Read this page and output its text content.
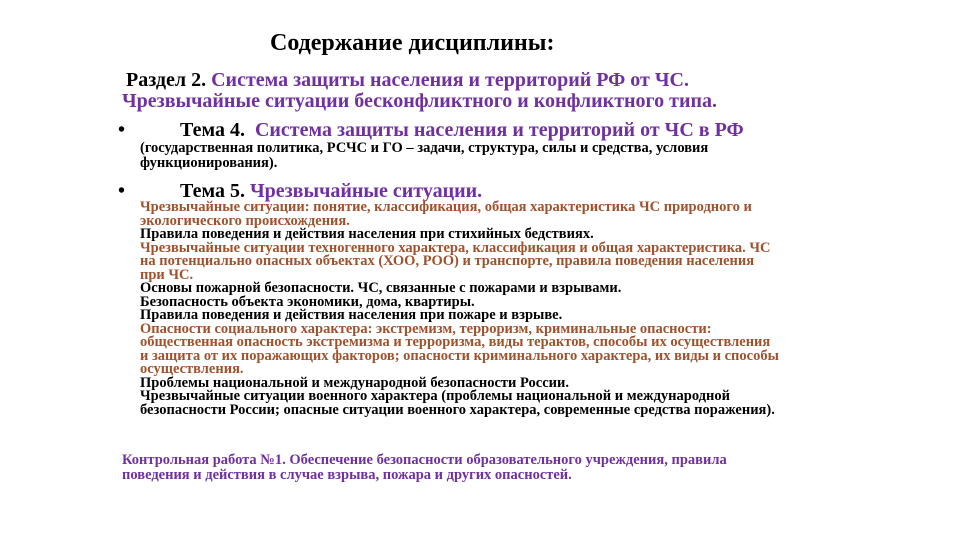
Содержание дисциплины:
Раздел 2. Система защиты населения и территорий РФ от ЧС.
Чрезвычайные ситуации бесконфликтного и конфликтного типа.
•	Тема 4. Система защиты населения и территорий от ЧС в РФ
(государственная политика, РСЧС и ГО – задачи, структура, силы и средства, условия
функционирования).
•	Тема 5. Чрезвычайные ситуации.
Чрезвычайные ситуации: понятие, классификация, общая характеристика ЧС природного и
экологического происхождения.
Правила поведения и действия населения при стихийных бедствиях.
Чрезвычайные ситуации техногенного характера, классификация и общая характеристика. ЧС
на потенциально опасных объектах (ХОО, РОО) и транспорте, правила поведения населения
при ЧС.
Основы пожарной безопасности. ЧС, связанные с пожарами и взрывами.
Безопасность объекта экономики, дома, квартиры.
Правила поведения и действия населения при пожаре и взрыве.
Опасности социального характера: экстремизм, терроризм, криминальные опасности:
общественная опасность экстремизма и терроризма, виды терактов, способы их осуществления
и защита от их поражающих факторов; опасности криминального характера, их виды и способы
осуществления.
Проблемы национальной и международной безопасности России.
Чрезвычайные ситуации военного характера (проблемы национальной и международной
безопасности России; опасные ситуации военного характера, современные средства поражения).
Контрольная работа №1. Обеспечение безопасности образовательного учреждения, правила
поведения и действия в случае взрыва, пожара и других опасностей.
